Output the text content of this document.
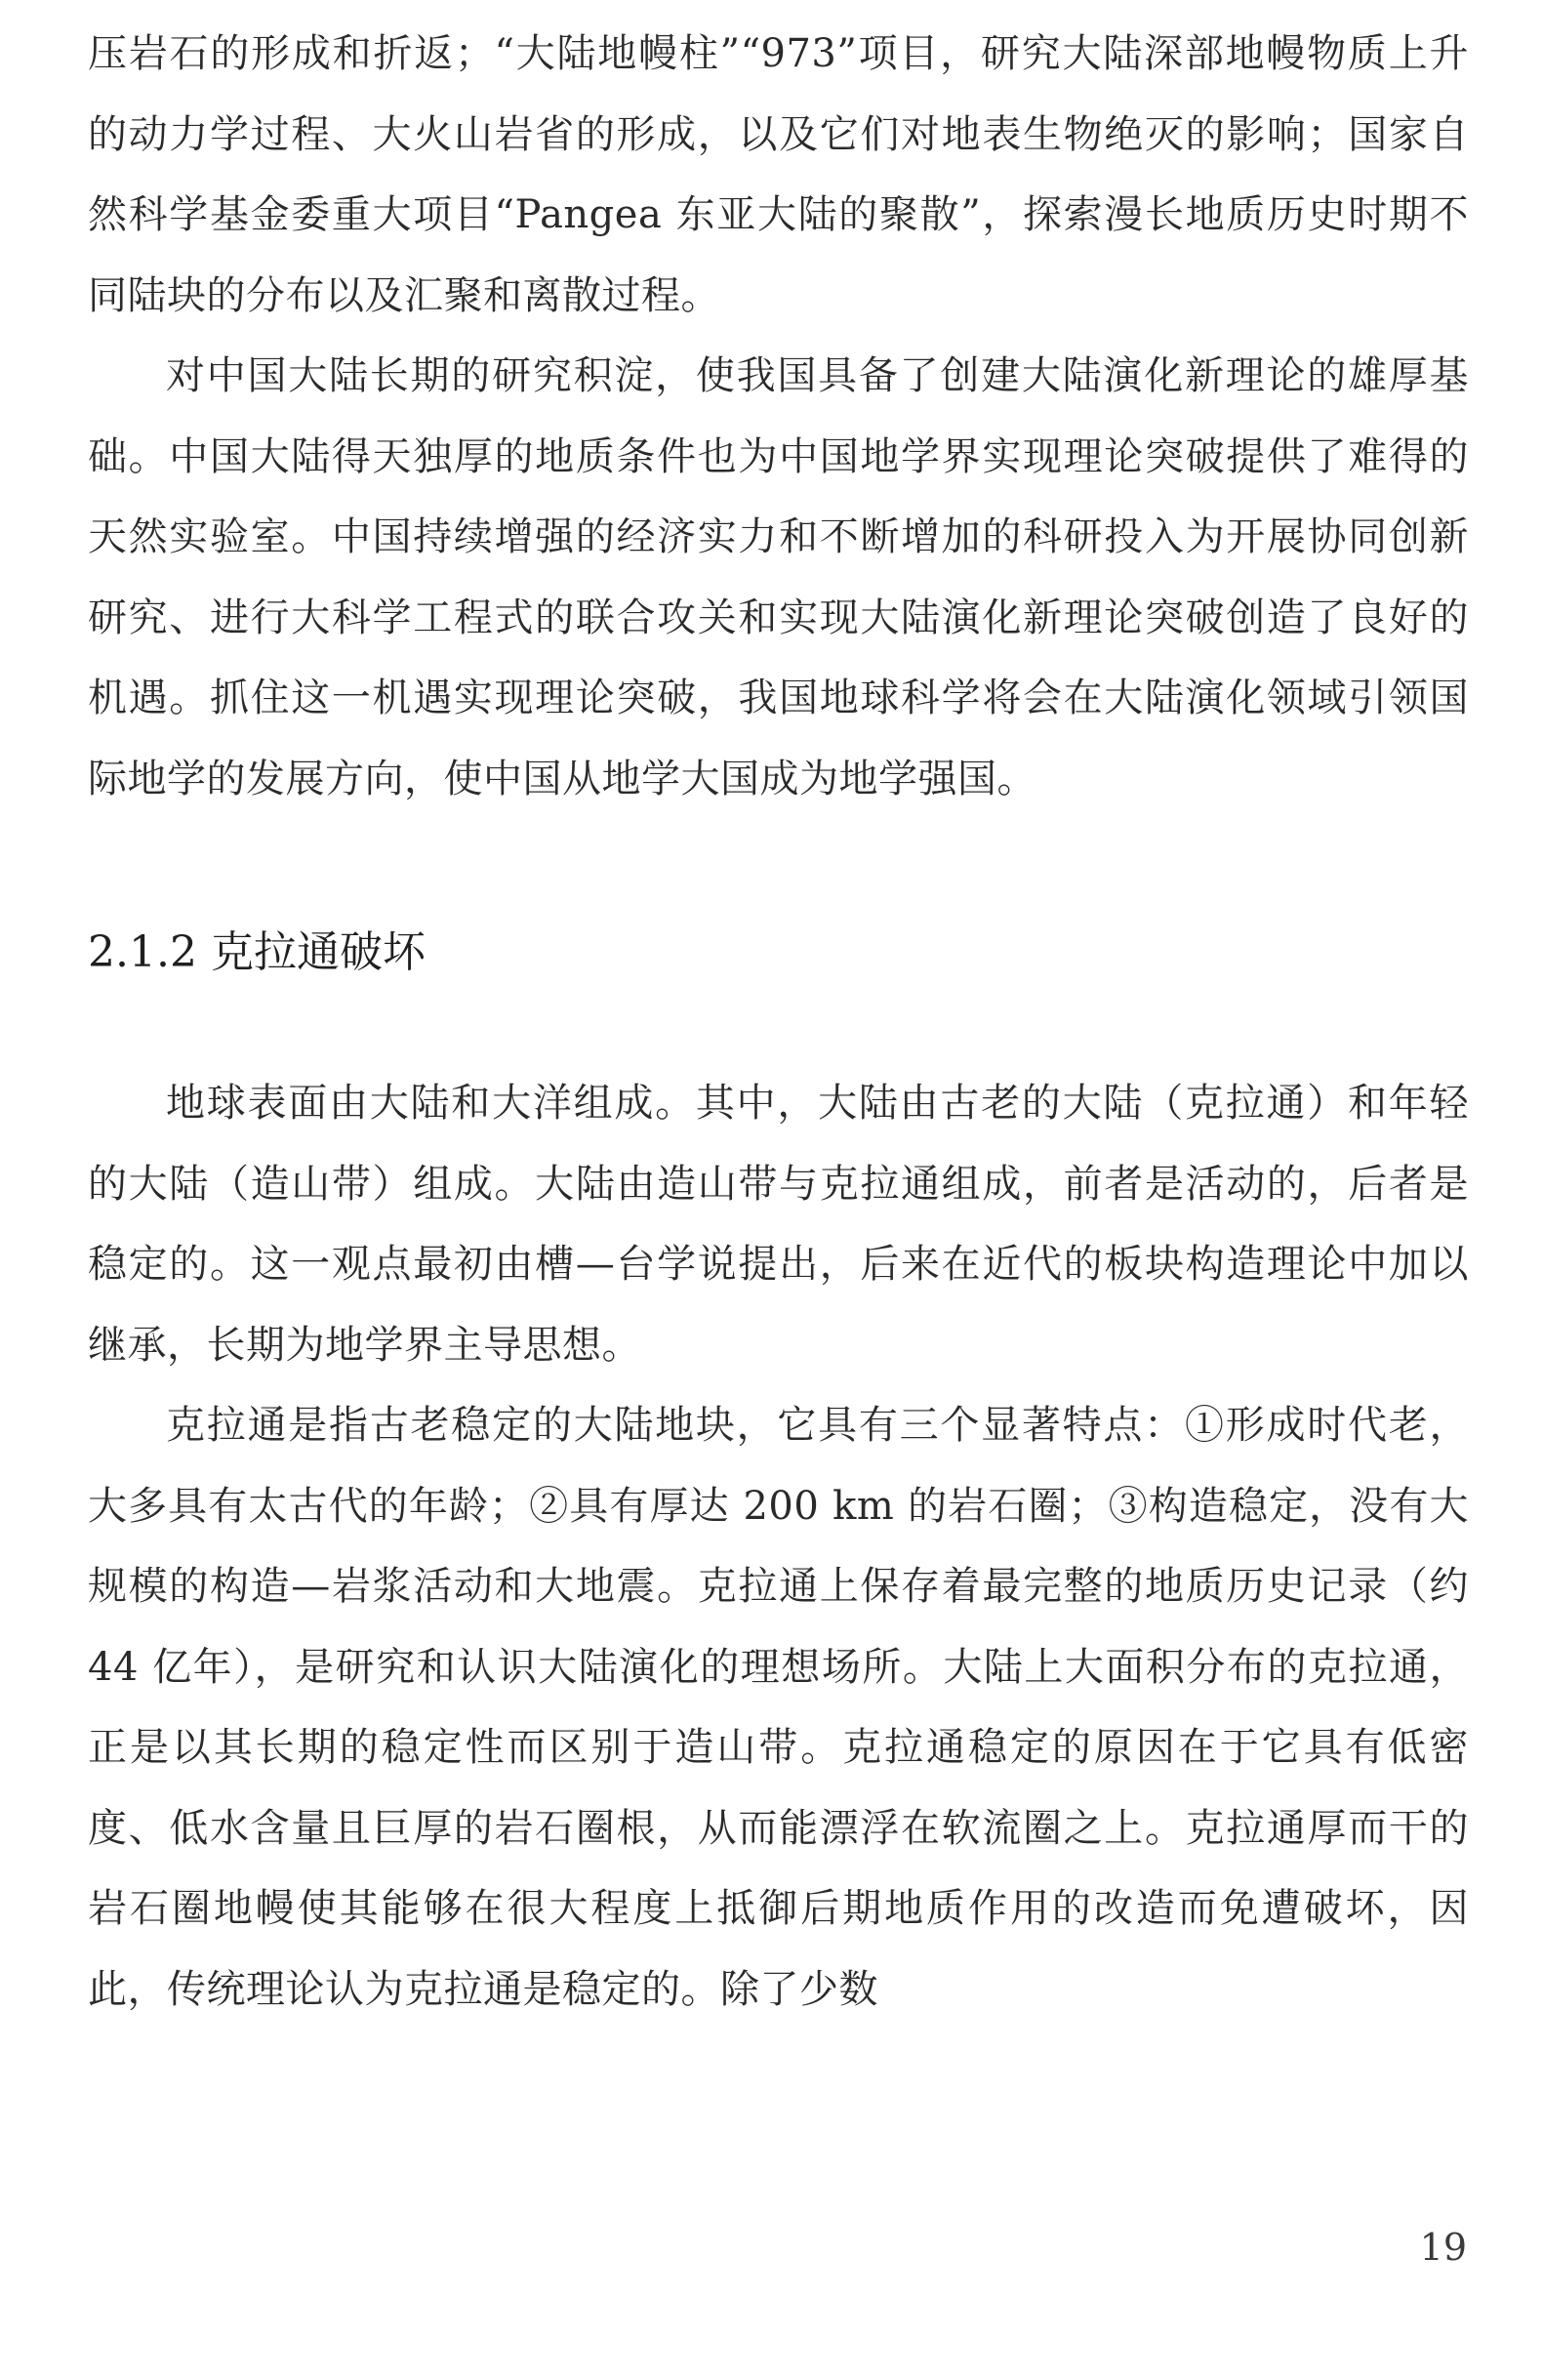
压岩石的形成和折返；“大陆地幔柱”“973”项目，研究大陆深部地幔物质上升的动力学过程、大火山岩省的形成，以及它们对地表生物绝灭的影响；国家自然科学基金委重大项目“Pangea 东亚大陆的聚散”，探索漫长地质历史时期不同陆块的分布以及汇聚和离散过程。

对中国大陆长期的研究积淀，使我国具备了创建大陆演化新理论的雄厚基础。中国大陆得天独厚的地质条件也为中国地学界实现理论突破提供了难得的天然实验室。中国持续增强的经济实力和不断增加的科研投入为开展协同创新研究、进行大科学工程式的联合攻关和实现大陆演化新理论突破创造了良好的机遇。抓住这一机遇实现理论突破，我国地球科学将会在大陆演化领域引领国际地学的发展方向，使中国从地学大国成为地学强国。

2.1.2 克拉通破坏

地球表面由大陆和大洋组成。其中，大陆由古老的大陆（克拉通）和年轻的大陆（造山带）组成。大陆由造山带与克拉通组成，前者是活动的，后者是稳定的。这一观点最初由槽—台学说提出，后来在近代的板块构造理论中加以继承，长期为地学界主导思想。

克拉通是指古老稳定的大陆地块，它具有三个显著特点：①形成时代老，大多具有太古代的年龄；②具有厚达 200 km 的岩石圈；③构造稳定，没有大规模的构造—岩浆活动和大地震。克拉通上保存着最完整的地质历史记录（约 44 亿年），是研究和认识大陆演化的理想场所。大陆上大面积分布的克拉通，正是以其长期的稳定性而区别于造山带。克拉通稳定的原因在于它具有低密度、低水含量且巨厚的岩石圈根，从而能漂浮在软流圈之上。克拉通厚而干的岩石圈地幔使其能够在很大程度上抵御后期地质作用的改造而免遭破坏，因此，传统理论认为克拉通是稳定的。除了少数

19
